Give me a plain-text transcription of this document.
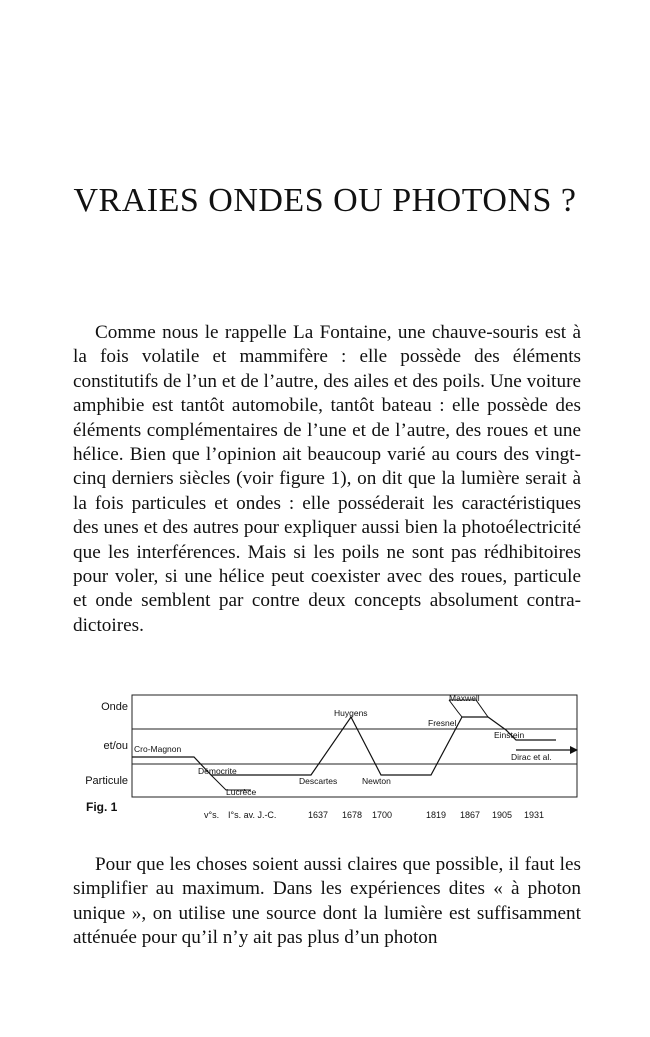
VRAIES ONDES OU PHOTONS ?
Comme nous le rappelle La Fontaine, une chauve-souris est à la fois volatile et mammifère : elle possède des éléments constitutifs de l’un et de l’autre, des ailes et des poils. Une voiture amphibie est tantôt automobile, tantôt bateau : elle possède des éléments complémentaires de l’une et de l’autre, des roues et une hélice. Bien que l’opinion ait beaucoup varié au cours des vingt-cinq derniers siècles (voir figure 1), on dit que la lumière serait à la fois particules et ondes : elle posséderait les caractéristiques des unes et des autres pour expliquer aussi bien la photoélectricité que les interférences. Mais si les poils ne sont pas rédhibitoires pour voler, si une hélice peut coexister avec des roues, particule et onde semblent par contre deux concepts absolument contradictoires.
Onde
et/ou
Particule
Fig. 1
Cro-Magnon
Démocrite
Lucrèce
Descartes
Huygens
Newton
Fresnel
Maxwell
Einstein
Dirac et al.
v°s. I°s. av. J.-C.	1637 1678 1700	1819 1867 1905 1931
Pour que les choses soient aussi claires que possible, il faut les simplifier au maximum. Dans les expériences dites « à photon unique », on utilise une source dont la lumière est suffisamment atténuée pour qu’il n’y ait pas plus d’un photon
